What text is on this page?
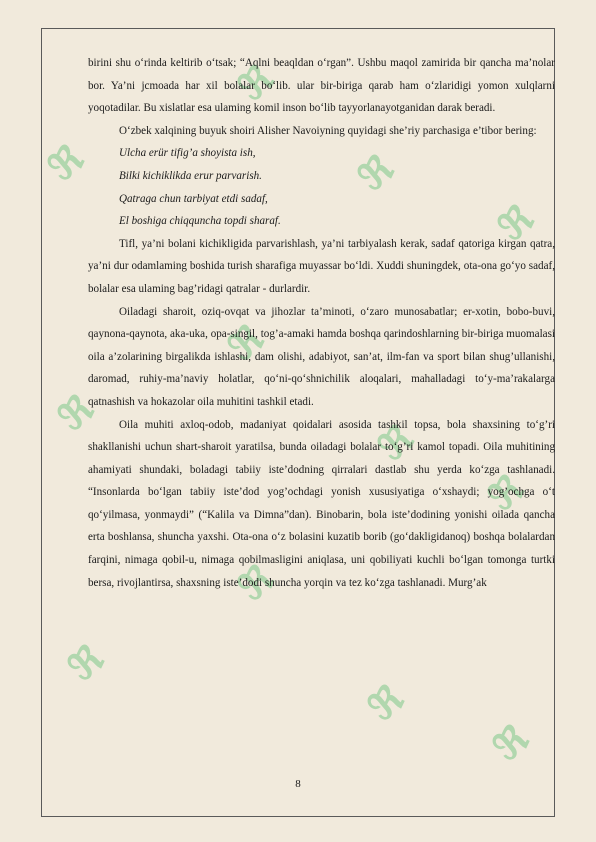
ℜ
ℜ
ℜ
ℜ
ℜ
ℜ
ℜ
ℜ
ℜ
ℜ
ℜ
ℜ

birini shu o‘rinda keltirib o‘tsak; “Aqlni beaqldan o‘rgan”. Ushbu maqol zamirida bir qancha ma’nolar bor. Ya’ni jcmoada har xil bolalar bo‘lib. ular bir-biriga qarab ham o‘zlaridigi yomon xulqlarni yoqotadilar. Bu xislatlar esa ulaming komil inson bo‘lib tayyorlanayotganidan darak beradi.

O‘zbek xalqining buyuk shoiri Alisher Navoiyning quyidagi she’riy parchasiga e’tibor bering:

Ulcha erür tifig’a shoyista ish,

Bilki kichiklikda erur parvarish.

Qatraga chun tarbiyat etdi sadaf,

El boshiga chiqquncha topdi sharaf.

Tifl, ya’ni bolani kichikligida parvarishlash, ya’ni tarbiyalash kerak, sadaf qatoriga kirgan qatra, ya’ni dur odamlaming boshida turish sharafiga muyassar bo‘ldi. Xuddi shuningdek, ota-ona go‘yo sadaf, bolalar esa ulaming bag’ridagi qatralar - durlardir.

Oiladagi sharoit, oziq-ovqat va jihozlar ta’minoti, o‘zaro munosabatlar; er-xotin, bobo-buvi, qaynona-qaynota, aka-uka, opa-singil, tog’a-amaki hamda boshqa qarindoshlarning bir-biriga muomalasi oila a’zolarining birgalikda ishlashi, dam olishi, adabiyot, san’at, ilm-fan va sport bilan shug’ullanishi, daromad, ruhiy-ma’naviy holatlar, qo‘ni-qo‘shnichilik aloqalari, mahalladagi to‘y-ma’rakalarga qatnashish va hokazolar oila muhitini tashkil etadi.

Oila muhiti axloq-odob, madaniyat qoidalari asosida tashkil topsa, bola shaxsining to‘g’ri shakllanishi uchun shart-sharoit yaratilsa, bunda oiladagi bolalar to‘g’ri kamol topadi. Oila muhitining ahamiyati shundaki, boladagi tabiiy iste’dodning qirralari dastlab shu yerda ko‘zga tashlanadi. “Insonlarda bo‘lgan tabiiy iste’dod yog’ochdagi yonish xususiyatiga o‘xshaydi; yog’ochga o‘t qo‘yilmasa, yonmaydi” (“Kalila va Dimna”dan). Binobarin, bola iste’dodining yonishi oilada qancha erta boshlansa, shuncha yaxshi. Ota-ona o‘z bolasini kuzatib borib (go‘dakligidanoq) boshqa bolalardan farqini, nimaga qobil-u, nimaga qobilmasligini aniqlasa, uni qobiliyati kuchli bo‘lgan tomonga turtki bersa, rivojlantirsa, shaxsning iste’dodi shuncha yorqin va tez ko‘zga tashlanadi. Murg’ak

8
